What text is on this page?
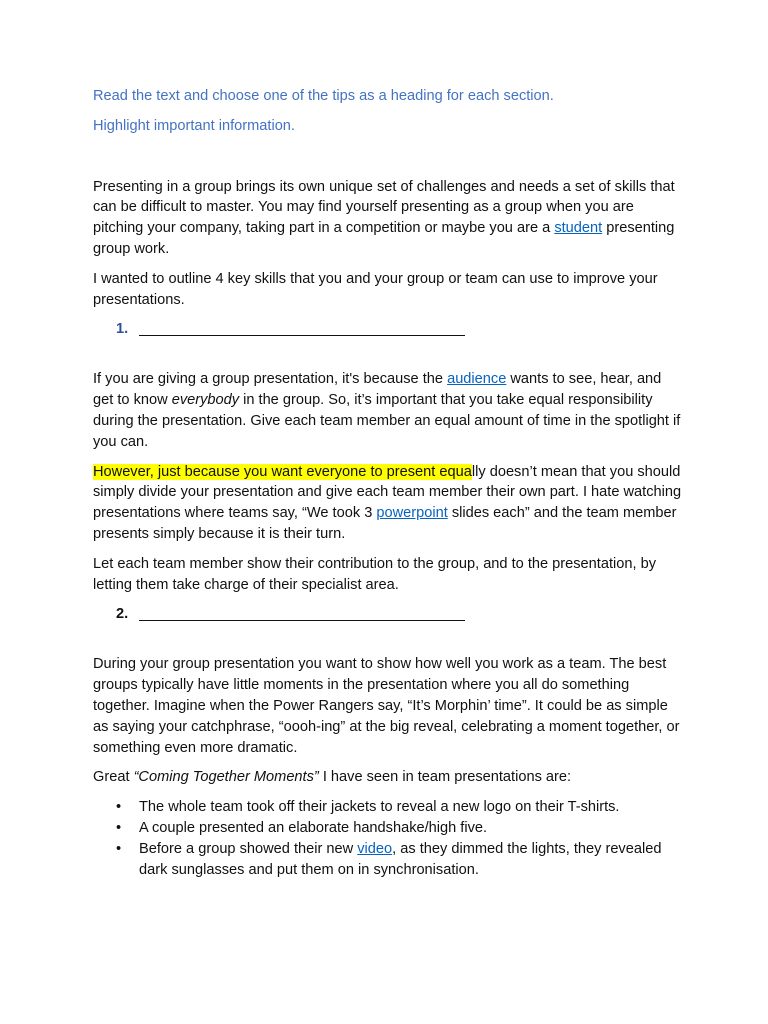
Read the text and choose one of the tips as a heading for each section.

Highlight important information.

Presenting in a group brings its own unique set of challenges and needs a set of skills that can be difficult to master. You may find yourself presenting as a group when you are pitching your company, taking part in a competition or maybe you are a student presenting group work.

I wanted to outline 4 key skills that you and your group or team can use to improve your presentations.

1.

If you are giving a group presentation, it's because the audience wants to see, hear, and get to know everybody in the group. So, it’s important that you take equal responsibility during the presentation. Give each team member an equal amount of time in the spotlight if you can.

However, just because you want everyone to present equally doesn’t mean that you should simply divide your presentation and give each team member their own part. I hate watching presentations where teams say, “We took 3 powerpoint slides each” and the team member presents simply because it is their turn.

Let each team member show their contribution to the group, and to the presentation, by letting them take charge of their specialist area.

2.

During your group presentation you want to show how well you work as a team. The best groups typically have little moments in the presentation where you all do something together. Imagine when the Power Rangers say, “It’s Morphin’ time”. It could be as simple as saying your catchphrase, “oooh-ing” at the big reveal, celebrating a moment together, or something even more dramatic.

Great “Coming Together Moments” I have seen in team presentations are:

• The whole team took off their jackets to reveal a new logo on their T-shirts.
• A couple presented an elaborate handshake/high five.
• Before a group showed their new video, as they dimmed the lights, they revealed dark sunglasses and put them on in synchronisation.
